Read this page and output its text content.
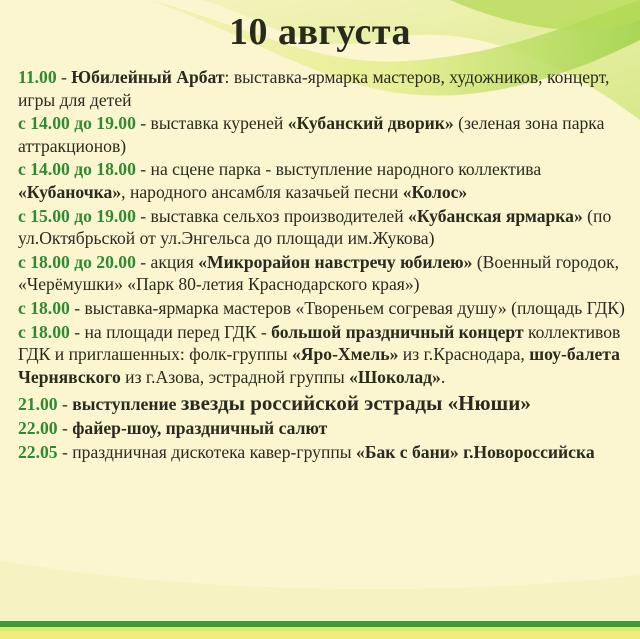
10 августа
11.00 - Юбилейный Арбат: выставка-ярмарка мастеров, художников, концерт, игры для детей
с 14.00 до 19.00 - выставка куреней «Кубанский дворик» (зеленая зона парка аттракционов)
с 14.00 до 18.00 - на сцене парка - выступление народного коллектива «Кубаночка», народного ансамбля казачьей песни «Колос»
с 15.00 до 19.00 - выставка сельхоз производителей «Кубанская ярмарка» (по ул.Октябрьской от ул.Энгельса до площади им.Жукова)
с 18.00 до 20.00 - акция «Микрорайон навстречу юбилею» (Военный городок, «Черёмушки» «Парк 80-летия Краснодарского края»)
с 18.00 - выставка-ярмарка мастеров «Твореньем согревая душу» (площадь ГДК)
с 18.00 - на площади перед ГДК - большой праздничный концерт коллективов ГДК и приглашенных: фолк-группы «Яро-Хмель» из г.Краснодара, шоу-балета Чернявского из г.Азова, эстрадной группы «Шоколад».
21.00 - выступление звезды российской эстрады «Нюши»
22.00 - файер-шоу, праздничный салют
22.05 - праздничная дискотека кавер-группы «Бак с бани» г.Новороссийска
